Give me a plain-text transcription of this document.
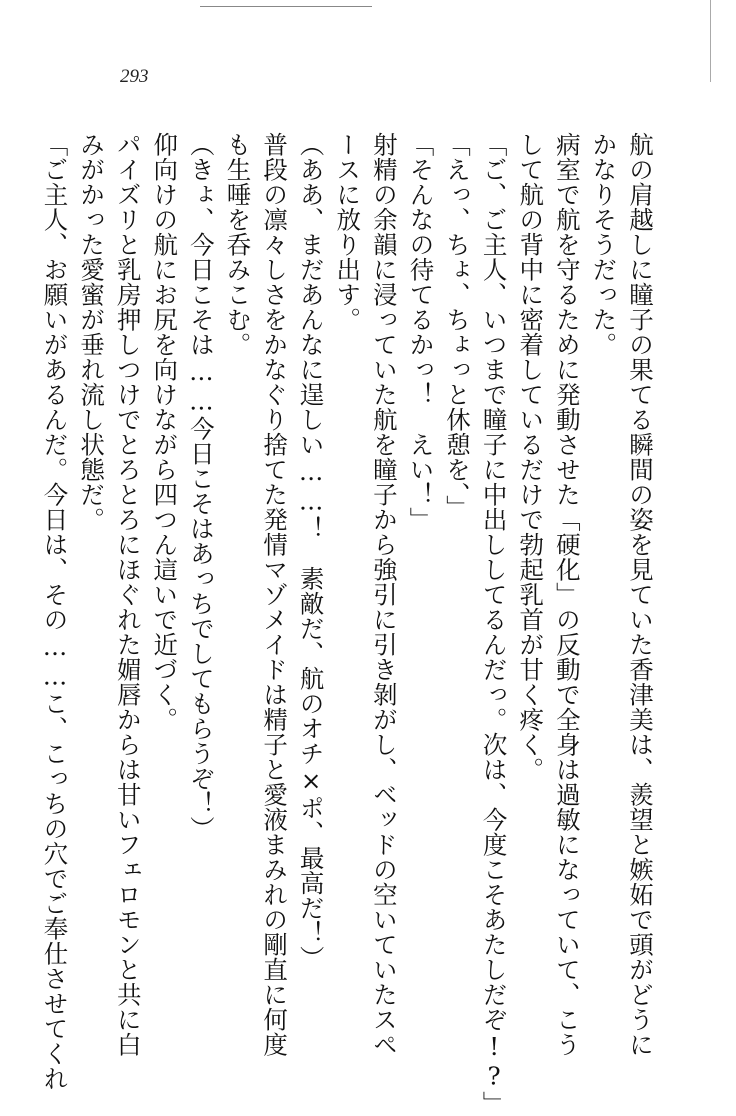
293
航の肩越しに瞳子の果てる瞬間の姿を見ていた香津美は、羨望と嫉妬で頭がどうに
かなりそうだった。
病室で航を守るために発動させた「硬化」の反動で全身は過敏になっていて、こう
して航の背中に密着しているだけで勃起乳首が甘く疼く。
「ご、ご主人、いつまで瞳子に中出ししてるんだっ。次は、今度こそあたしだぞ!?」
「えっ、ちょ、ちょっと休憩を、」
「そんなの待てるかっ！　えい！」
射精の余韻に浸っていた航を瞳子から強引に引き剝がし、ベッドの空いていたスペ
ースに放り出す。
（ああ、まだあんなに逞しい……！　素敵だ、航のオチ×ポ、最高だ！）
普段の凛々しさをかなぐり捨てた発情マゾメイドは精子と愛液まみれの剛直に何度
も生唾を呑みこむ。
（きょ、今日こそは……今日こそはあっちでしてもらうぞ！）
仰向けの航にお尻を向けながら四つん這いで近づく。
パイズリと乳房押しつけでとろとろにほぐれた媚唇からは甘いフェロモンと共に白
みがかった愛蜜が垂れ流し状態だ。
「ご主人、お願いがあるんだ。今日は、その……こ、こっちの穴でご奉仕させてくれ
